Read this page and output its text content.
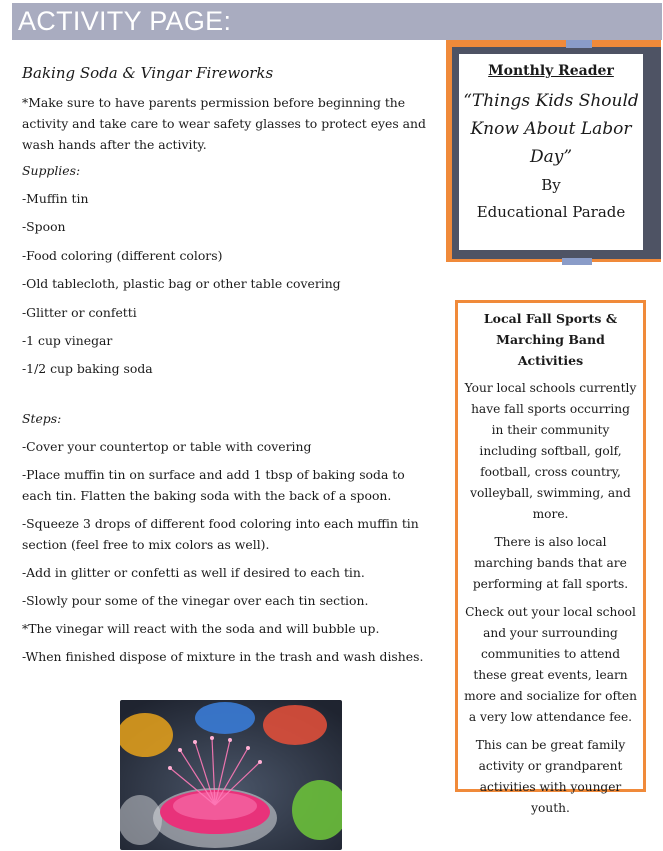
ACTIVITY PAGE:
Baking Soda & Vingar Fireworks

*Make sure to have parents permission before beginning the activity and take care to wear safety glasses to protect eyes and wash hands after the activity.

Supplies:

-Muffin tin

-Spoon

-Food coloring (different colors)

-Old tablecloth, plastic bag or other table covering

-Glitter or confetti

-1 cup vinegar

-1/2 cup baking soda

Steps:

-Cover your countertop or table with covering

-Place muffin tin on surface and add 1 tbsp of baking soda to each tin. Flatten the baking soda with the back of a spoon.

-Squeeze 3 drops of different food coloring into each muffin tin section (feel free to mix colors as well).

-Add in glitter or confetti as well if desired to each tin.

-Slowly pour some of the vinegar over each tin section.

*The vinegar will react with the soda and will bubble up.

-When finished dispose of mixture in the trash and wash dishes.

Monthly Reader
“Things Kids Should Know About Labor Day”
By
Educational Parade
Local Fall Sports & Marching Band Activities

Your local schools currently have fall sports occurring in their community including softball, golf, football, cross country, volleyball, swimming, and more.

There is also local marching bands that are performing at fall sports.

Check out your local school and your surrounding communities to attend these great events, learn more and socialize for often a very low attendance fee.

This can be great family activity or grandparent activities with younger youth.
